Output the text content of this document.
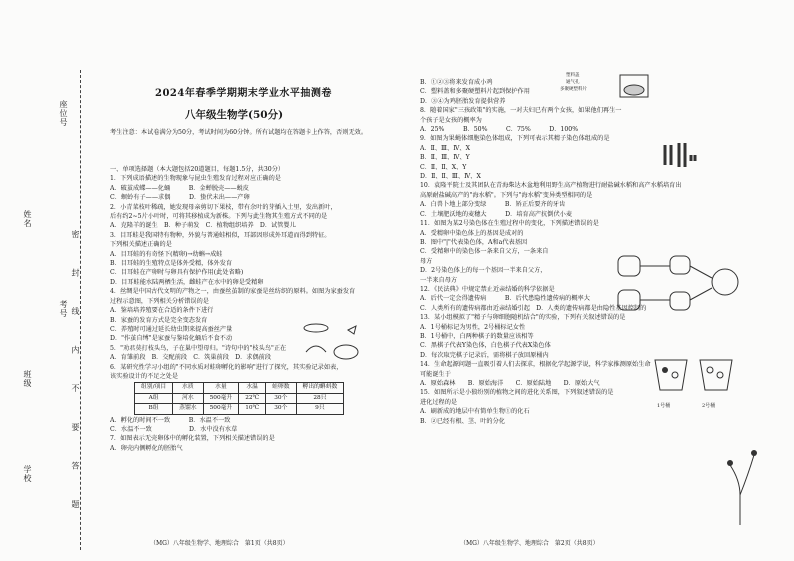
学校
班级
考号
姓名
座位号
密 封 线 内 不 要 答 题
2024年春季学期期末学业水平抽测卷
八年级生物学(50分)
考生注意：本试卷满分为50分，考试时间为60分钟。所有试题均在答题卡上作答，否则无效。

一、单项选择题（本大题包括20道题目，每题1.5分，共30分）

1．下列成语描述的生物现象与昆虫生殖发育过程对应正确的是

A．破茧成蝶——化蛹　　　B．金蝉脱壳——蜕皮

C．螟蛉有子——求偶　　　D．蛰伏未出——产卵

2．小青菜枝叶稀疏，她发现母亲剪切下果枝，带有余叶的芽插入土里，发出新叶，

后有约2~5片小叶时，可将其移植成为新株。下列与此生物其生殖方式不同的是

A．克隆羊的诞生　B．种子萌发　C．植物组织培养　D．试管婴儿

3．目耳蛙是我国特有物种，外貌与普通蛙相似，耳部因形成外耳道而得到特征。

下列相关描述正确的是

A．目耳蛙的有奇怪下(精卵)→幼蝌→成蛙

B．目耳蛙的生殖特点是体外受精，体外发育

C．目耳蛙在产卵时与卵具有保护作用(此处省略)

D．目耳蛙能水陆两栖生活，雌蛙产在水中的卵是受精卵

4．丝绸是中国古代文明的产物之一，由蚕丝茧制的家蚕是丝纺织的原料。如图为家蚕发育

过程示意图，下列相关分析错误的是

A．鉴培培养殖要在合适的条件下进行

B．家蚕的发育方式是完全变态发育

C．养殖时可通过延长幼虫期来提高蚕丝产量

D．"作茧自缚"是家蚕与鉴培化蛹后不食不动

5．"劝君莫打枝头鸟，子在巢中望母归。"诗句中的"枝头鸟"正在

A．育雏前段　B．交配前段　C．筑巢前段　D．求偶前段

6．某研究性学习小组的"不同水质对蛙卵孵化的影响"进行了探究，其实验记录如表，

该实验设计的不足之处是

组别/项目	水质	水量	水温	蛙卵数	孵出的蝌蚪数
A组	河水	500毫升	22℃	30个	28只
B组	蒸馏水	500毫升	10℃	30个	9只

A．孵化的时间不一致　　　B．水温不一致

C．水温不一致　　　　　　D．水中没有水草

7．如图表示无壳卵体中的孵化装置，下列相关描述错误的是

A．卵壳内侧孵化的胚胎气

B．①②③将来发育成小鸡

C．塑料盖和多聚硬塑料片起到保护作用

D．③④为鸡胚胎发育提供营养

8．随着国家"三孩政策"的实施，一对夫妇已有两个女孩，如果他们再生一

个孩子是女孩的概率为

A．25%　　　B．50%　　　C．75%　　　D．100%

9．如图为果蝇体细胞染色体组成，下列可表示其精子染色体组成的是

A．Ⅱ、Ⅲ、Ⅳ、X

B．Ⅱ、Ⅲ、Ⅳ、Y

C．Ⅱ、Ⅱ、X、Y

D．Ⅱ、Ⅱ、Ⅲ、Ⅳ、X

10．袁隆平院士及其团队在青海柴达木盆地利用野生高产植物进行耐盐碱水稻和高产水稻培育出

高原耐盐碱高产的"海水稻"。下列与"海水稻"变异类型相同的是

A．白兽卜地上部分变绿　　　B．矫正后要齐的牙齿

C．土壤肥沃地的麦穗大　　　D．培育高产抗倒伏小麦

11．如图为某2号染色体在生殖过程中的变化，下列描述错误的是

A．受精卵中染色体上的基因是成对的

B．图中"|"代表染色体，A和a代表基因

C．受精卵中的染色体一条来自父方，一条来自

母方

D．2号染色体上的每一个基因一半来自父方，

一半来自母方

12．《民法典》中规定禁止近亲结婚的科学依据是

A．后代一定会得遗传病　　　B．后代患隐性遗传病的概率大

C．人类所有的遗传病都由近亲结婚引起　D．人类的遗传病都是由隐性基因控制的

13．某小组模拟了"精子与卵细胞随机结合"的实验，下列有关叙述错误的是

A．1号桶标记为男性，2号桶标记女性

B．1号桶中，白两种棋子的数量应该相等

C．黑棋子代表Y染色体，白色棋子代表X染色体

D．每次取完棋子记录后，需将棋子放回原桶内

14．生命起源问题一直吸引着人们去探求，根据化学起源学说，科学家推测原始生命

可能诞生于

A．原始森林　　B．原始海洋　　C．原始陆地　　D．原始大气

15．如图所示是小狼纷别的植物之间的进化关系图，下列叙述错误的是

进化过程的是

A．刷新成的地层中有简单生物①的化石

B．②已经有根、茎、叶的分化

塑料盖
通气孔
多聚硬塑料片
1号桶	2号桶
（MG）八年级生物学、地理综合　第1页（共8页）	（MG）八年级生物学、地理综合　第2页（共8页）
